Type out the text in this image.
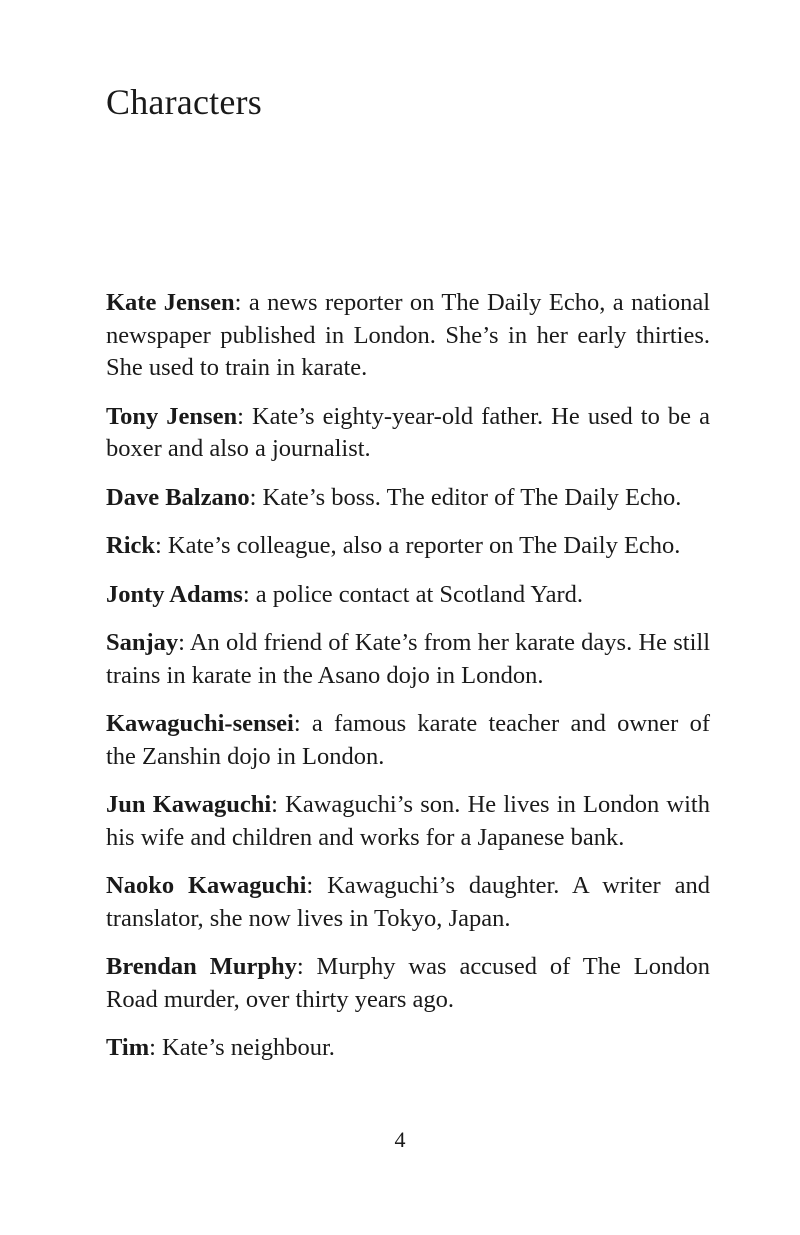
Characters

Kate Jensen: a news reporter on The Daily Echo, a national newspaper published in London. She’s in her early thirties. She used to train in karate.

Tony Jensen: Kate’s eighty-year-old father. He used to be a boxer and also a journalist.

Dave Balzano: Kate’s boss. The editor of The Daily Echo.

Rick: Kate’s colleague, also a reporter on The Daily Echo.

Jonty Adams: a police contact at Scotland Yard.

Sanjay: An old friend of Kate’s from her karate days. He still trains in karate in the Asano dojo in London.

Kawaguchi-sensei: a famous karate teacher and owner of the Zanshin dojo in London.

Jun Kawaguchi: Kawaguchi’s son. He lives in London with his wife and children and works for a Japanese bank.

Naoko Kawaguchi: Kawaguchi’s daughter. A writer and translator, she now lives in Tokyo, Japan.

Brendan Murphy: Murphy was accused of The London Road murder, over thirty years ago.

Tim: Kate’s neighbour.

4
